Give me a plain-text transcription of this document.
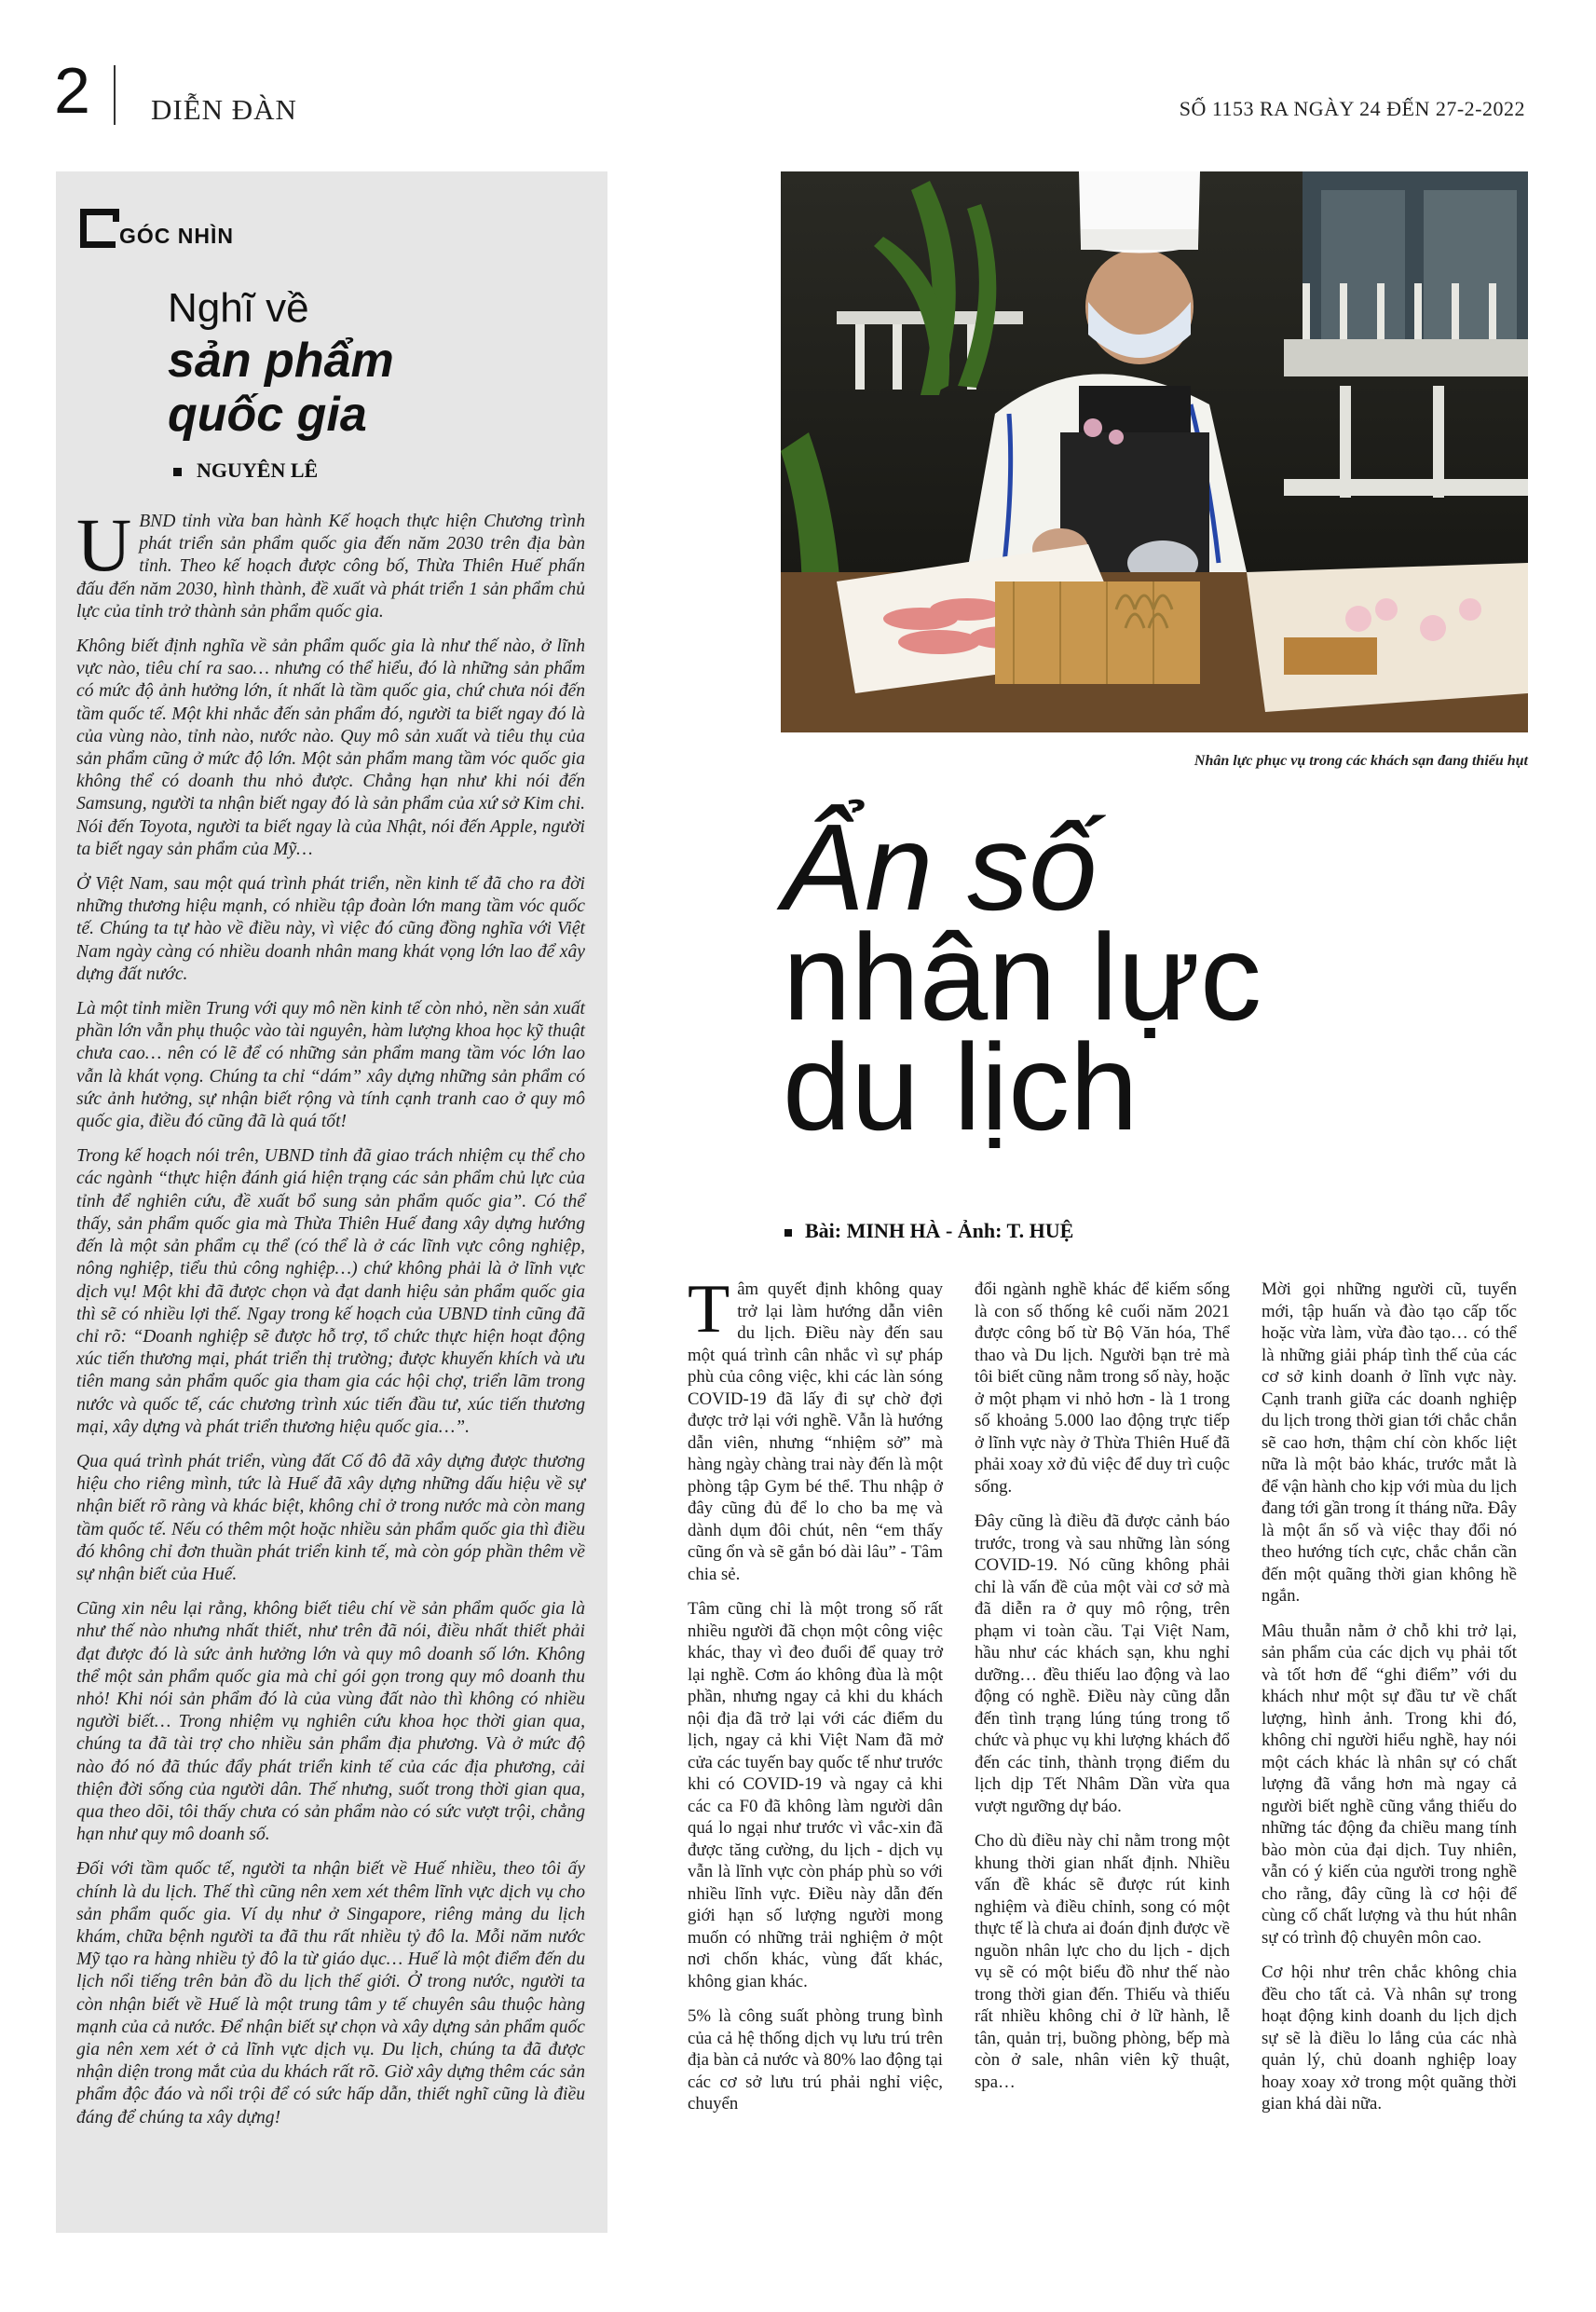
2 DIỄN ĐÀN	SỐ 1153 RA NGÀY 24 ĐẾN 27-2-2022
GÓC NHÌN
Nghĩ về
sản phẩm
quốc gia
NGUYÊN LÊ

UBND tỉnh vừa ban hành Kế hoạch thực hiện Chương trình phát triển sản phẩm quốc gia đến năm 2030 trên địa bàn tỉnh. Theo kế hoạch được công bố, Thừa Thiên Huế phấn đấu đến năm 2030, hình thành, đề xuất và phát triển 1 sản phẩm chủ lực của tỉnh trở thành sản phẩm quốc gia.

Không biết định nghĩa về sản phẩm quốc gia là như thế nào, ở lĩnh vực nào, tiêu chí ra sao… nhưng có thể hiểu, đó là những sản phẩm có mức độ ảnh hưởng lớn, ít nhất là tầm quốc gia, chứ chưa nói đến tầm quốc tế. Một khi nhắc đến sản phẩm đó, người ta biết ngay đó là của vùng nào, tỉnh nào, nước nào. Quy mô sản xuất và tiêu thụ của sản phẩm cũng ở mức độ lớn. Một sản phẩm mang tầm vóc quốc gia không thể có doanh thu nhỏ được. Chẳng hạn như khi nói đến Samsung, người ta nhận biết ngay đó là sản phẩm của xứ sở Kim chi. Nói đến Toyota, người ta biết ngay là của Nhật, nói đến Apple, người ta biết ngay sản phẩm của Mỹ…

Ở Việt Nam, sau một quá trình phát triển, nền kinh tế đã cho ra đời những thương hiệu mạnh, có nhiều tập đoàn lớn mang tầm vóc quốc tế. Chúng ta tự hào về điều này, vì việc đó cũng đồng nghĩa với Việt Nam ngày càng có nhiều doanh nhân mang khát vọng lớn lao để xây dựng đất nước.

Là một tỉnh miền Trung với quy mô nền kinh tế còn nhỏ, nền sản xuất phần lớn vẫn phụ thuộc vào tài nguyên, hàm lượng khoa học kỹ thuật chưa cao… nên có lẽ để có những sản phẩm mang tầm vóc lớn lao vẫn là khát vọng. Chúng ta chỉ “dám” xây dựng những sản phẩm có sức ảnh hưởng, sự nhận biết rộng và tính cạnh tranh cao ở quy mô quốc gia, điều đó cũng đã là quá tốt!

Trong kế hoạch nói trên, UBND tỉnh đã giao trách nhiệm cụ thể cho các ngành “thực hiện đánh giá hiện trạng các sản phẩm chủ lực của tỉnh để nghiên cứu, đề xuất bổ sung sản phẩm quốc gia”. Có thể thấy, sản phẩm quốc gia mà Thừa Thiên Huế đang xây dựng hướng đến là một sản phẩm cụ thể (có thể là ở các lĩnh vực công nghiệp, nông nghiệp, tiểu thủ công nghiệp…) chứ không phải là ở lĩnh vực dịch vụ! Một khi đã được chọn và đạt danh hiệu sản phẩm quốc gia thì sẽ có nhiều lợi thế. Ngay trong kế hoạch của UBND tỉnh cũng đã chỉ rõ: “Doanh nghiệp sẽ được hỗ trợ, tổ chức thực hiện hoạt động xúc tiến thương mại, phát triển thị trường; được khuyến khích và ưu tiên mang sản phẩm quốc gia tham gia các hội chợ, triển lãm trong nước và quốc tế, các chương trình xúc tiến đầu tư, xúc tiến thương mại, xây dựng và phát triển thương hiệu quốc gia…”.

Qua quá trình phát triển, vùng đất Cố đô đã xây dựng được thương hiệu cho riêng mình, tức là Huế đã xây dựng những dấu hiệu về sự nhận biết rõ ràng và khác biệt, không chỉ ở trong nước mà còn mang tầm quốc tế. Nếu có thêm một hoặc nhiều sản phẩm quốc gia thì điều đó không chỉ đơn thuần phát triển kinh tế, mà còn góp phần thêm về sự nhận biết của Huế.

Cũng xin nêu lại rằng, không biết tiêu chí về sản phẩm quốc gia là như thế nào nhưng nhất thiết, như trên đã nói, điều nhất thiết phải đạt được đó là sức ảnh hưởng lớn và quy mô doanh số lớn. Không thể một sản phẩm quốc gia mà chỉ gói gọn trong quy mô doanh thu nhỏ! Khi nói sản phẩm đó là của vùng đất nào thì không có nhiều người biết… Trong nhiệm vụ nghiên cứu khoa học thời gian qua, chúng ta đã tài trợ cho nhiều sản phẩm địa phương. Và ở mức độ nào đó nó đã thúc đẩy phát triển kinh tế của các địa phương, cải thiện đời sống của người dân. Thế nhưng, suốt trong thời gian qua, qua theo dõi, tôi thấy chưa có sản phẩm nào có sức vượt trội, chẳng hạn như quy mô doanh số.

Đối với tầm quốc tế, người ta nhận biết về Huế nhiều, theo tôi ấy chính là du lịch. Thế thì cũng nên xem xét thêm lĩnh vực dịch vụ cho sản phẩm quốc gia. Ví dụ như ở Singapore, riêng mảng du lịch khám, chữa bệnh người ta đã thu rất nhiều tỷ đô la. Mỗi năm nước Mỹ tạo ra hàng nhiều tỷ đô la từ giáo dục… Huế là một điểm đến du lịch nổi tiếng trên bản đồ du lịch thế giới. Ở trong nước, người ta còn nhận biết về Huế là một trung tâm y tế chuyên sâu thuộc hàng mạnh của cả nước. Để nhận biết sự chọn và xây dựng sản phẩm quốc gia nên xem xét ở cả lĩnh vực dịch vụ. Du lịch, chúng ta đã được nhận diện trong mắt của du khách rất rõ. Giờ xây dựng thêm các sản phẩm độc đáo và nổi trội để có sức hấp dẫn, thiết nghĩ cũng là điều đáng để chúng ta xây dựng!

Nhân lực phục vụ trong các khách sạn đang thiếu hụt
Ẩn số
nhân lực
du lịch
Bài: MINH HÀ - Ảnh: T. HUỆ

Tâm quyết định không quay trở lại làm hướng dẫn viên du lịch. Điều này đến sau một quá trình cân nhắc vì sự pháp phù của công việc, khi các làn sóng COVID-19 đã lấy đi sự chờ đợi được trở lại với nghề. Vẫn là hướng dẫn viên, nhưng “nhiệm sở” mà hàng ngày chàng trai này đến là một phòng tập Gym bé thể. Thu nhập ở đây cũng đủ để lo cho ba mẹ và dành dụm đôi chút, nên “em thấy cũng ổn và sẽ gắn bó dài lâu” - Tâm chia sẻ.

Tâm cũng chỉ là một trong số rất nhiều người đã chọn một công việc khác, thay vì đeo đuổi để quay trở lại nghề. Cơm áo không đùa là một phần, nhưng ngay cả khi du khách nội địa đã trở lại với các điểm du lịch, ngay cả khi Việt Nam đã mở cửa các tuyến bay quốc tế như trước khi có COVID-19 và ngay cả khi các ca F0 đã không làm người dân quá lo ngại như trước vì vắc-xin đã được tăng cường, du lịch - dịch vụ vẫn là lĩnh vực còn pháp phù so với nhiều lĩnh vực. Điều này dẫn đến giới hạn số lượng người mong muốn có những trải nghiệm ở một nơi chốn khác, vùng đất khác, không gian khác.

5% là công suất phòng trung bình của cả hệ thống dịch vụ lưu trú trên địa bàn cả nước và 80% lao động tại các cơ sở lưu trú phải nghỉ việc, chuyển

đổi ngành nghề khác để kiếm sống là con số thống kê cuối năm 2021 được công bố từ Bộ Văn hóa, Thể thao và Du lịch. Người bạn trẻ mà tôi biết cũng nằm trong số này, hoặc ở một phạm vi nhỏ hơn - là 1 trong số khoảng 5.000 lao động trực tiếp ở lĩnh vực này ở Thừa Thiên Huế đã phải xoay xở đủ việc để duy trì cuộc sống.

Đây cũng là điều đã được cảnh báo trước, trong và sau những làn sóng COVID-19. Nó cũng không phải chỉ là vấn đề của một vài cơ sở mà đã diễn ra ở quy mô rộng, trên phạm vi toàn cầu. Tại Việt Nam, hầu như các khách sạn, khu nghỉ dưỡng… đều thiếu lao động và lao động có nghề. Điều này cũng dẫn đến tình trạng lúng túng trong tổ chức và phục vụ khi lượng khách đổ đến các tỉnh, thành trọng điểm du lịch dịp Tết Nhâm Dần vừa qua vượt ngưỡng dự báo.

Cho dù điều này chỉ nằm trong một khung thời gian nhất định. Nhiều vấn đề khác sẽ được rút kinh nghiệm và điều chỉnh, song có một thực tế là chưa ai đoán định được về nguồn nhân lực cho du lịch - dịch vụ sẽ có một biểu đồ như thế nào trong thời gian đến. Thiếu và thiếu rất nhiều không chỉ ở lữ hành, lễ tân, quản trị, buồng phòng, bếp mà còn ở sale, nhân viên kỹ thuật, spa…

Mời gọi những người cũ, tuyển mới, tập huấn và đào tạo cấp tốc hoặc vừa làm, vừa đào tạo… có thể là những giải pháp tình thế của các cơ sở kinh doanh ở lĩnh vực này. Cạnh tranh giữa các doanh nghiệp du lịch trong thời gian tới chắc chắn sẽ cao hơn, thậm chí còn khốc liệt nữa là một bảo khác, trước mắt là để vận hành cho kịp với mùa du lịch đang tới gần trong ít tháng nữa. Đây là một ẩn số và việc thay đổi nó theo hướng tích cực, chắc chắn cần đến một quãng thời gian không hề ngắn.

Mâu thuẫn nằm ở chỗ khi trở lại, sản phẩm của các dịch vụ phải tốt và tốt hơn để “ghi điểm” với du khách như một sự đầu tư về chất lượng, hình ảnh. Trong khi đó, không chỉ người hiểu nghề, hay nói một cách khác là nhân sự có chất lượng đã vắng hơn mà ngay cả người biết nghề cũng vắng thiếu do những tác động đa chiều mang tính bào mòn của đại dịch. Tuy nhiên, vẫn có ý kiến của người trong nghề cho rằng, đây cũng là cơ hội để cùng cố chất lượng và thu hút nhân sự có trình độ chuyên môn cao.

Cơ hội như trên chắc không chia đều cho tất cả. Và nhân sự trong hoạt động kinh doanh du lịch dịch sự sẽ là điều lo lắng của các nhà quản lý, chủ doanh nghiệp loay hoay xoay xở trong một quãng thời gian khá dài nữa.
